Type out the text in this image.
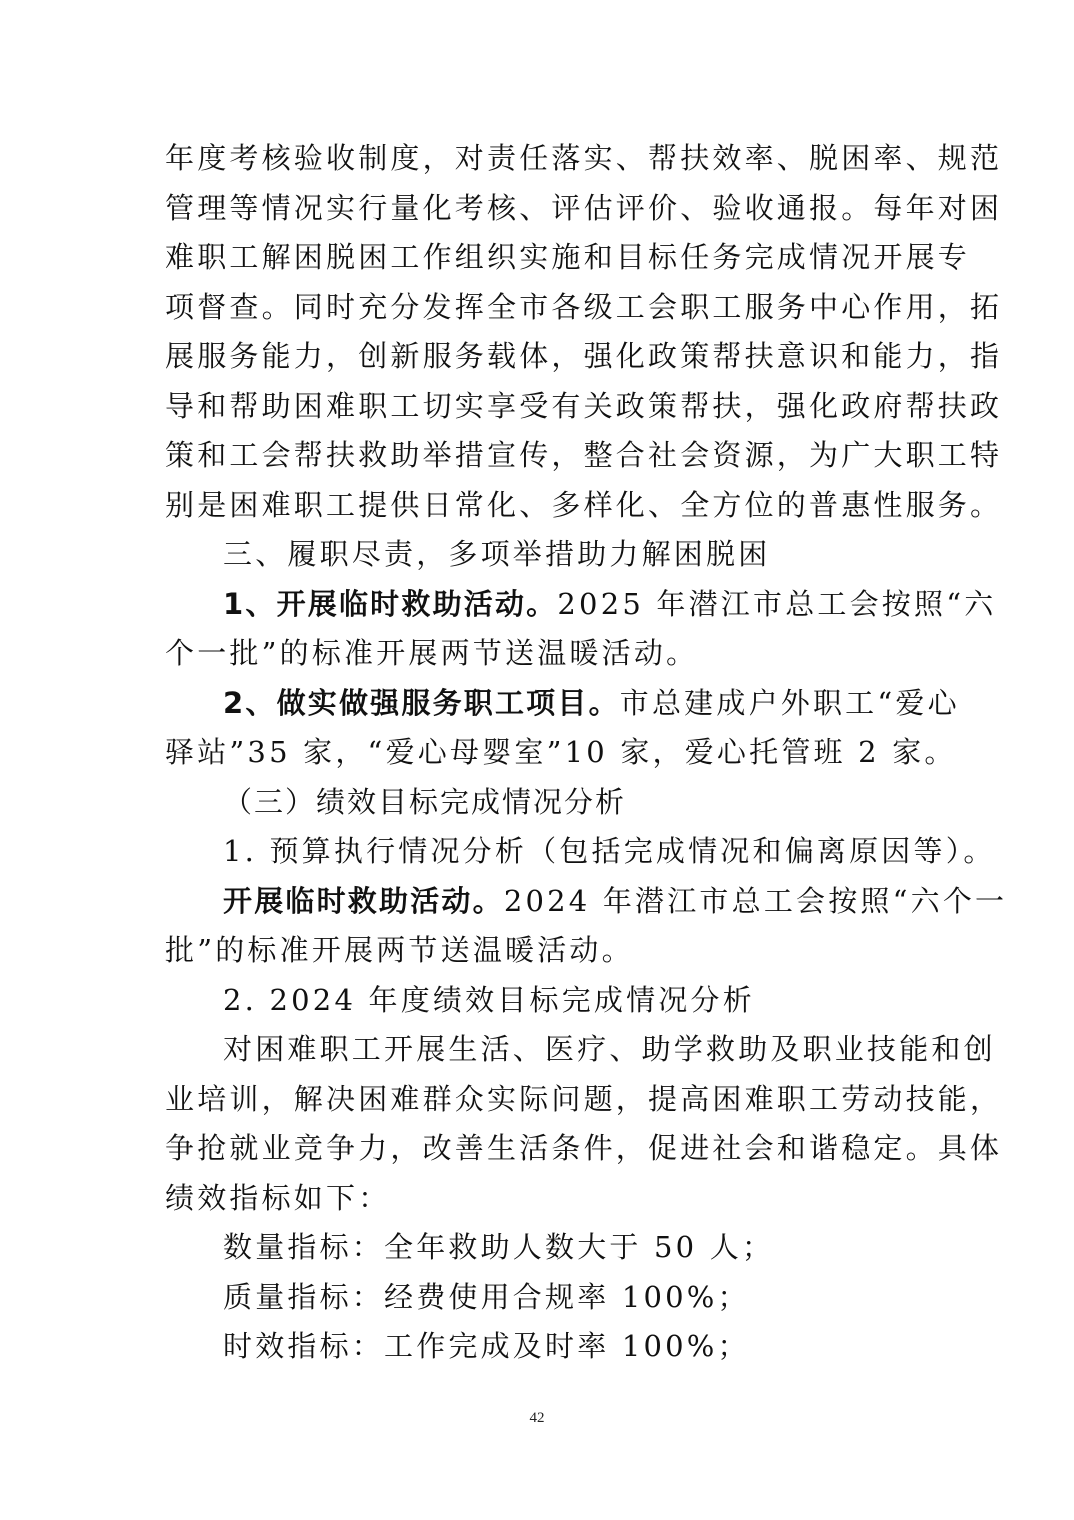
年度考核验收制度，对责任落实、帮扶效率、脱困率、规范
管理等情况实行量化考核、评估评价、验收通报。每年对困
难职工解困脱困工作组织实施和目标任务完成情况开展专
项督查。同时充分发挥全市各级工会职工服务中心作用，拓
展服务能力，创新服务载体，强化政策帮扶意识和能力，指
导和帮助困难职工切实享受有关政策帮扶，强化政府帮扶政
策和工会帮扶救助举措宣传，整合社会资源，为广大职工特
别是困难职工提供日常化、多样化、全方位的普惠性服务。
三、履职尽责，多项举措助力解困脱困
1、开展临时救助活动。2025 年潜江市总工会按照“六
个一批”的标准开展两节送温暖活动。
2、做实做强服务职工项目。市总建成户外职工“爱心
驿站”35 家，“爱心母婴室”10 家，爱心托管班 2 家。
（三）绩效目标完成情况分析
1. 预算执行情况分析（包括完成情况和偏离原因等）。
开展临时救助活动。2024 年潜江市总工会按照“六个一
批”的标准开展两节送温暖活动。
2. 2024 年度绩效目标完成情况分析
对困难职工开展生活、医疗、助学救助及职业技能和创
业培训，解决困难群众实际问题，提高困难职工劳动技能，
争抢就业竞争力，改善生活条件，促进社会和谐稳定。具体
绩效指标如下：
数量指标：全年救助人数大于 50 人；
质量指标：经费使用合规率 100%；
时效指标：工作完成及时率 100%；
42
